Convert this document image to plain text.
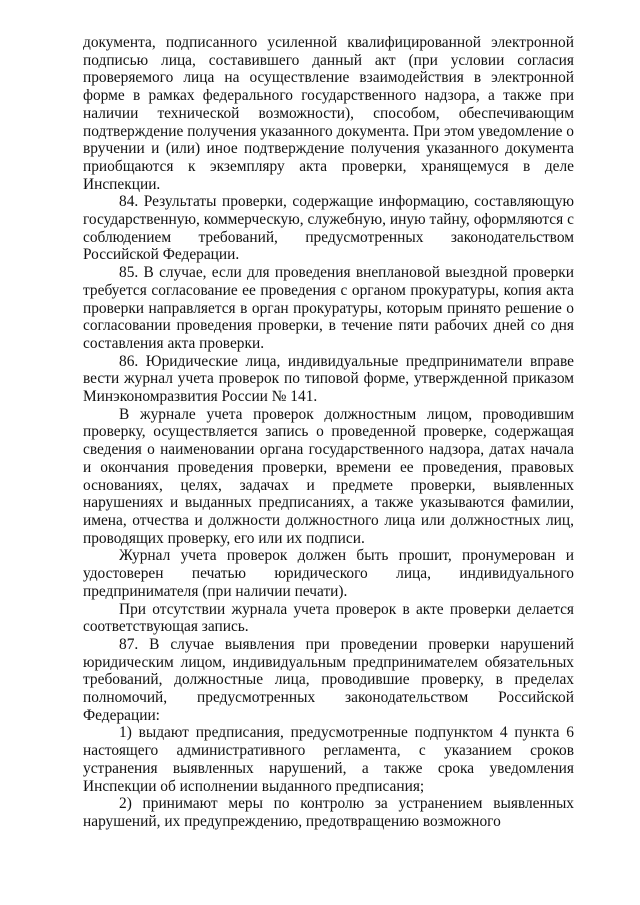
документа, подписанного усиленной квалифицированной электронной подписью лица, составившего данный акт (при условии согласия проверяемого лица на осуществление взаимодействия в электронной форме в рамках федерального государственного надзора, а также при наличии технической возможности), способом, обеспечивающим подтверждение получения указанного документа. При этом уведомление о вручении и (или) иное подтверждение получения указанного документа приобщаются к экземпляру акта проверки, хранящемуся в деле Инспекции.

84. Результаты проверки, содержащие информацию, составляющую государственную, коммерческую, служебную, иную тайну, оформляются с соблюдением требований, предусмотренных законодательством Российской Федерации.

85. В случае, если для проведения внеплановой выездной проверки требуется согласование ее проведения с органом прокуратуры, копия акта проверки направляется в орган прокуратуры, которым принято решение о согласовании проведения проверки, в течение пяти рабочих дней со дня составления акта проверки.

86. Юридические лица, индивидуальные предприниматели вправе вести журнал учета проверок по типовой форме, утвержденной приказом Минэкономразвития России № 141.

В журнале учета проверок должностным лицом, проводившим проверку, осуществляется запись о проведенной проверке, содержащая сведения о наименовании органа государственного надзора, датах начала и окончания проведения проверки, времени ее проведения, правовых основаниях, целях, задачах и предмете проверки, выявленных нарушениях и выданных предписаниях, а также указываются фамилии, имена, отчества и должности должностного лица или должностных лиц, проводящих проверку, его или их подписи.

Журнал учета проверок должен быть прошит, пронумерован и удостоверен печатью юридического лица, индивидуального предпринимателя (при наличии печати).

При отсутствии журнала учета проверок в акте проверки делается соответствующая запись.

87. В случае выявления при проведении проверки нарушений юридическим лицом, индивидуальным предпринимателем обязательных требований, должностные лица, проводившие проверку, в пределах полномочий, предусмотренных законодательством Российской Федерации:

1) выдают предписания, предусмотренные подпунктом 4 пункта 6 настоящего административного регламента, с указанием сроков устранения выявленных нарушений, а также срока уведомления Инспекции об исполнении выданного предписания;

2) принимают меры по контролю за устранением выявленных нарушений, их предупреждению, предотвращению возможного
